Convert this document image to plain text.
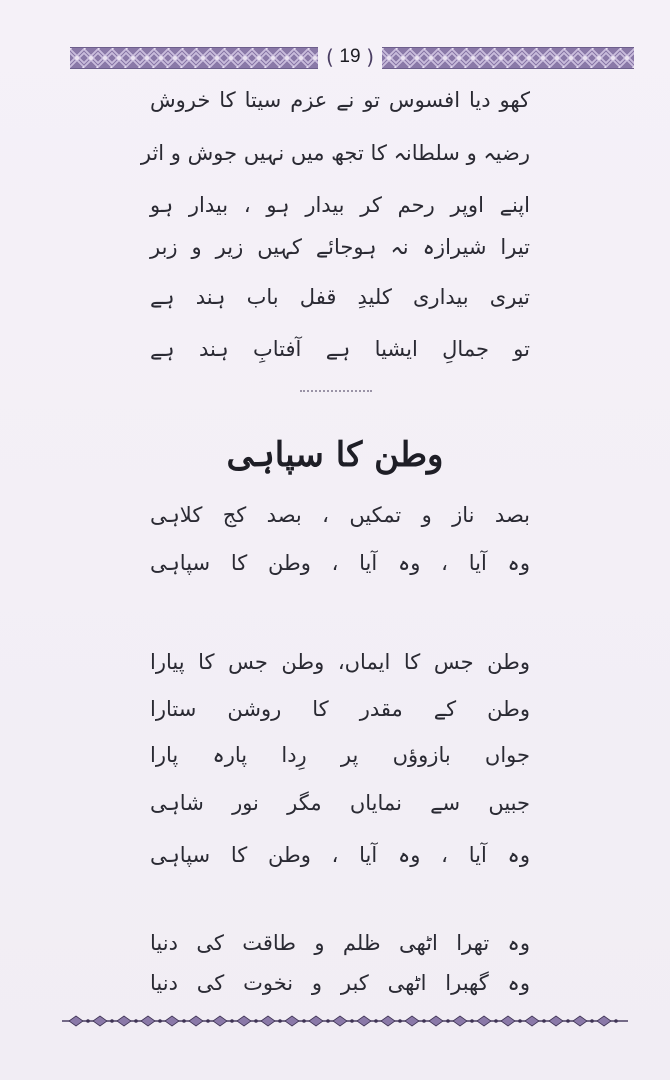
( 19 )
کھو دیا افسوس تو نے عزم سیتا کا خروش
رضیہ و سلطانہ کا تجھ میں نہیں جوش و اثر
اپنے اوپر رحم کر بیدار ہو ، بیدار ہو
تیرا شیرازہ نہ ہوجائے کہیں زیر و زبر
تیری بیداری کلیدِ قفل باب ہند ہے
تو جمالِ ایشیا ہے آفتابِ ہند ہے
وطن کا سپاہی
بصد ناز و تمکیں ، بصد کج کلاہی
وہ آیا ، وہ آیا ، وطن کا سپاہی
وطن جس کا ایماں، وطن جس کا پیارا
وطن کے مقدر کا روشن ستارا
جواں بازوؤں پر رِدا پارہ پارا
جبیں سے نمایاں مگر نور شاہی
وہ آیا ، وہ آیا ، وطن کا سپاہی
وہ تھرا اٹھی ظلم و طاقت کی دنیا
وہ گھبرا اٹھی کبر و نخوت کی دنیا
